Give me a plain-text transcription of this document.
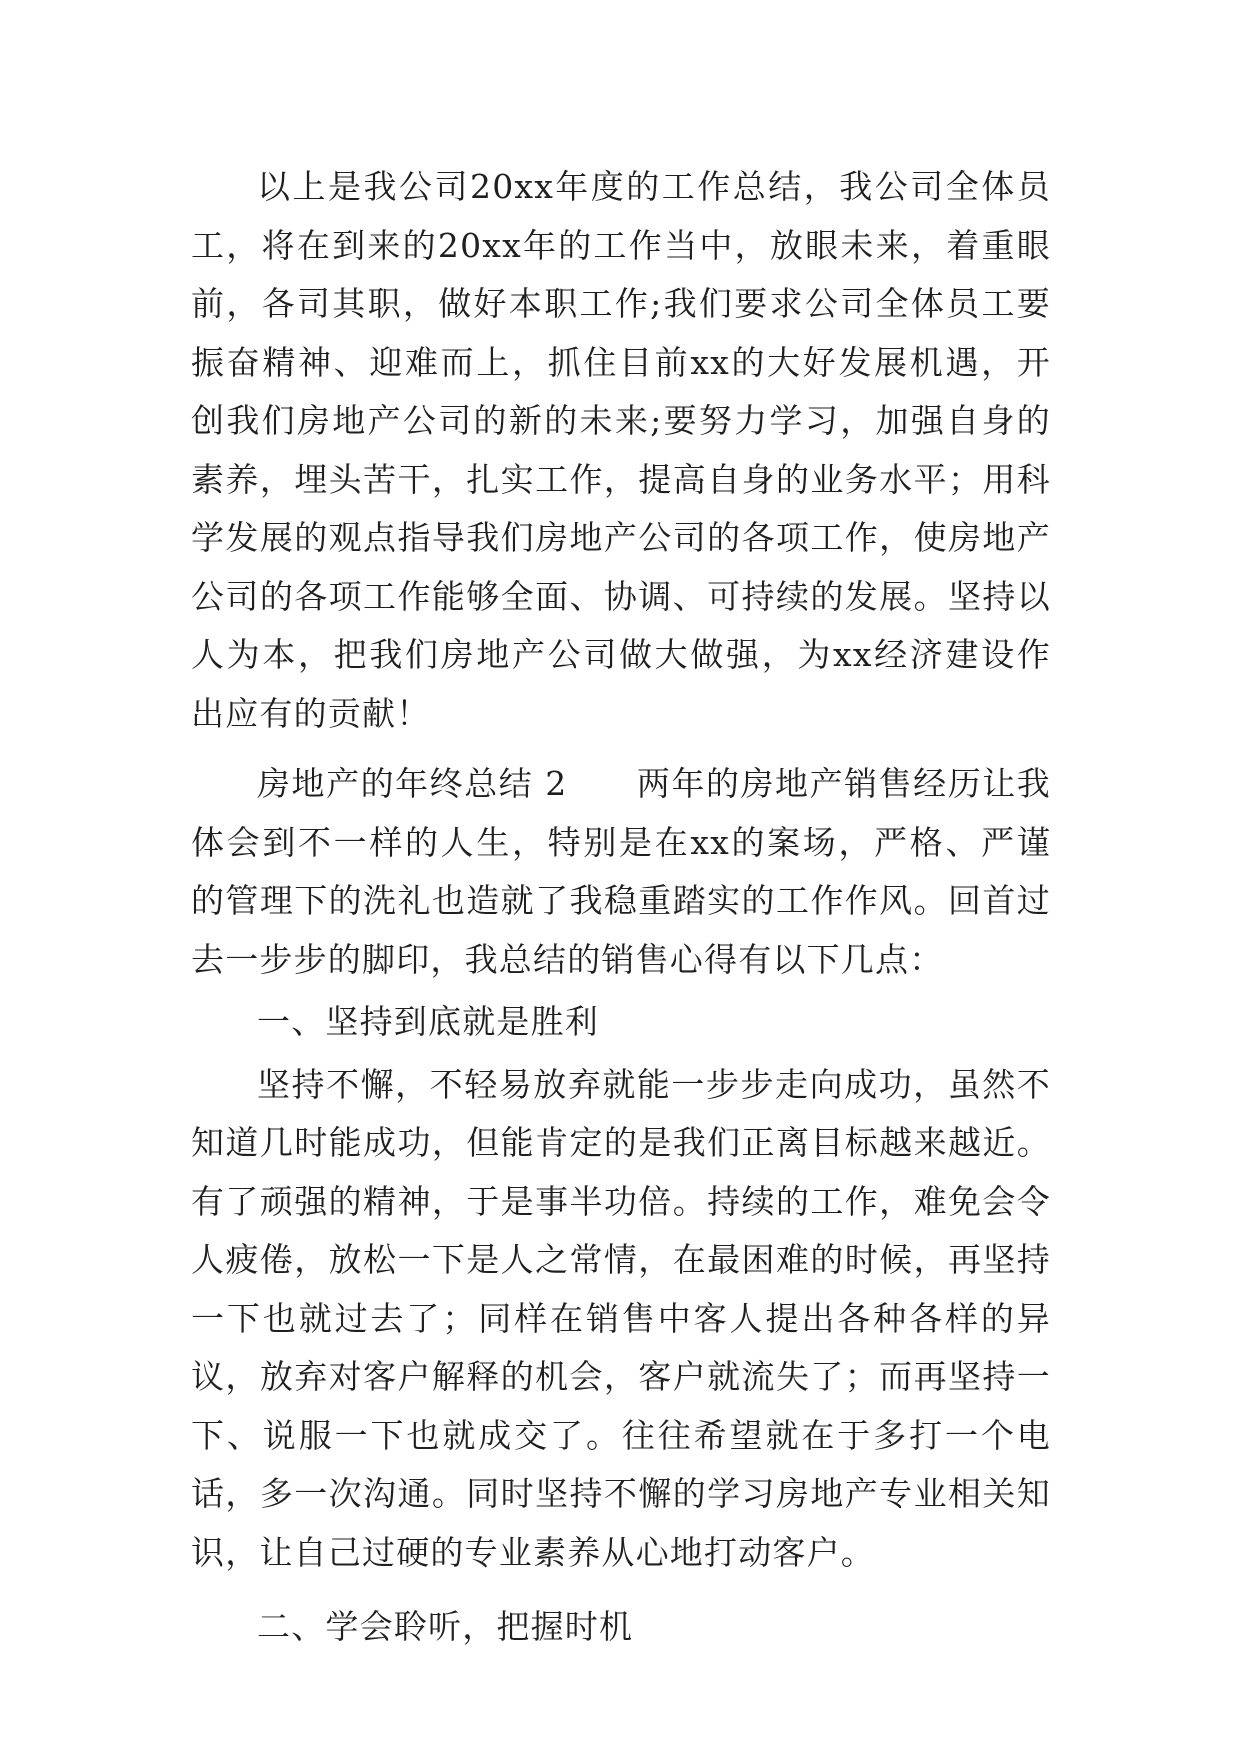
以上是我公司20xx年度的工作总结，我公司全体员工，将在到来的20xx年的工作当中，放眼未来，着重眼前，各司其职，做好本职工作;我们要求公司全体员工要振奋精神、迎难而上，抓住目前xx的大好发展机遇，开创我们房地产公司的新的未来;要努力学习，加强自身的素养，埋头苦干，扎实工作，提高自身的业务水平；用科学发展的观点指导我们房地产公司的各项工作，使房地产公司的各项工作能够全面、协调、可持续的发展。坚持以人为本，把我们房地产公司做大做强，为xx经济建设作出应有的贡献！

房地产的年终总结 2　　两年的房地产销售经历让我体会到不一样的人生，特别是在xx的案场，严格、严谨的管理下的洗礼也造就了我稳重踏实的工作作风。回首过去一步步的脚印，我总结的销售心得有以下几点：

一、坚持到底就是胜利

坚持不懈，不轻易放弃就能一步步走向成功，虽然不知道几时能成功，但能肯定的是我们正离目标越来越近。有了顽强的精神，于是事半功倍。持续的工作，难免会令人疲倦，放松一下是人之常情，在最困难的时候，再坚持一下也就过去了；同样在销售中客人提出各种各样的异议，放弃对客户解释的机会，客户就流失了；而再坚持一下、说服一下也就成交了。往往希望就在于多打一个电话，多一次沟通。同时坚持不懈的学习房地产专业相关知识，让自己过硬的专业素养从心地打动客户。

二、学会聆听，把握时机
